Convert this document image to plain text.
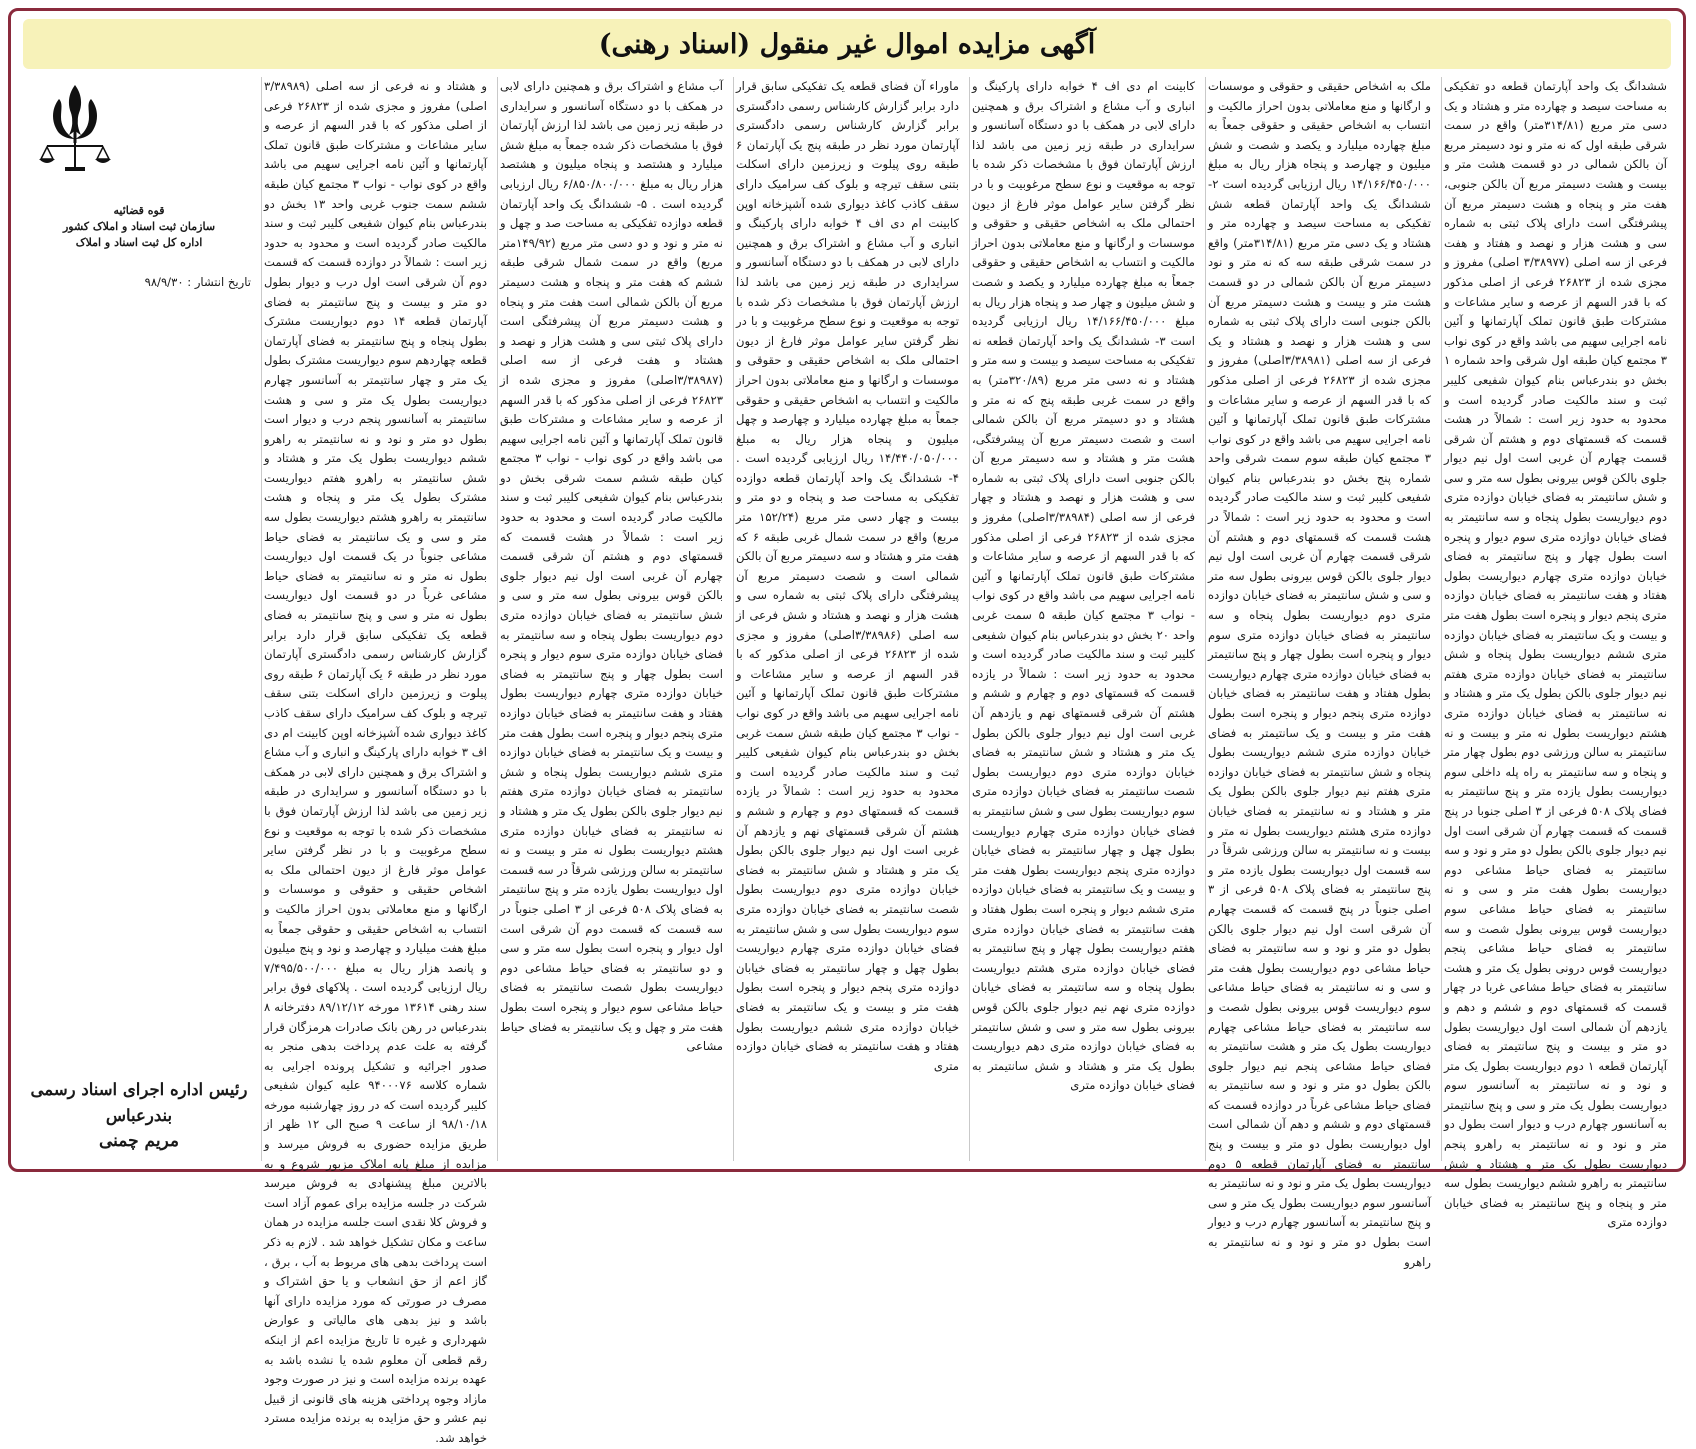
آگهی مزایده اموال غیر منقول (اسناد رهنی)

ششدانگ یک واحد آپارتمان قطعه دو تفکیکی به مساحت سیصد و چهارده متر و هشتاد و یک دسی متر مربع (۳۱۴/۸۱متر) واقع در سمت شرقی طبقه اول که نه متر و نود دسیمتر مربع آن بالکن شمالی در دو قسمت هشت متر و بیست و هشت دسیمتر مربع آن بالکن جنوبی، هفت متر و پنجاه و هشت دسیمتر مربع آن پیشرفتگی است دارای پلاک ثبتی به شماره سی و هشت هزار و نهصد و هفتاد و هفت فرعی از سه اصلی (۳/۳۸۹۷۷ اصلی) مفروز و مجزی شده از ۲۶۸۲۳ فرعی از اصلی مذکور که با قدر السهم از عرصه و سایر مشاعات و مشترکات طبق قانون تملک آپارتمانها و آئین نامه اجرایی سهیم می باشد واقع در کوی نواب ۳ مجتمع کیان طبقه اول شرقی واحد شماره ۱ بخش دو بندرعباس بنام کیوان شفیعی کلیبر ثبت و سند مالکیت صادر گردیده است و محدود به حدود زیر است : شمالاً در هشت قسمت که قسمتهای دوم و هشتم آن شرقی قسمت چهارم آن غربی است اول نیم دیوار جلوی بالکن قوس بیرونی بطول سه متر و سی و شش سانتیمتر به فضای خیابان دوازده متری دوم دیواریست بطول پنجاه و سه سانتیمتر به فضای خیابان دوازده متری سوم دیوار و پنجره است بطول چهار و پنج سانتیمتر به فضای خیابان دوازده متری چهارم دیواریست بطول هفتاد و هفت سانتیمتر به فضای خیابان دوازده متری پنجم دیوار و پنجره است بطول هفت متر و بیست و یک سانتیمتر به فضای خیابان دوازده متری ششم دیواریست بطول پنجاه و شش سانتیمتر به فضای خیابان دوازده متری هفتم نیم دیوار جلوی بالکن بطول یک متر و هشتاد و نه سانتیمتر به فضای خیابان دوازده متری هشتم دیواریست بطول نه متر و بیست و نه سانتیمتر به سالن ورزشی دوم بطول چهار متر و پنجاه و سه سانتیمتر به راه پله داخلی سوم دیواریست بطول یازده متر و پنج سانتیمتر به فضای پلاک ۵۰۸ فرعی از ۳ اصلی جنوبا در پنج قسمت که قسمت چهارم آن شرقی است اول نیم دیوار جلوی بالکن بطول دو متر و نود و سه سانتیمتر به فضای حیاط مشاعی دوم دیواریست بطول هفت متر و سی و نه سانتیمتر به فضای حیاط مشاعی سوم دیواریست قوس بیرونی بطول شصت و سه سانتیمتر به فضای حیاط مشاعی پنجم دیواریست قوس درونی بطول یک متر و هشت سانتیمتر به فضای حیاط مشاعی غربا در چهار قسمت که قسمتهای دوم و ششم و دهم و یازدهم آن شمالی است اول دیواریست بطول دو متر و بیست و پنج سانتیمتر به فضای آپارتمان قطعه ۱ دوم دیواریست بطول یک متر و نود و نه سانتیمتر به آسانسور سوم دیواریست بطول یک متر و سی و پنج سانتیمتر به آسانسور چهارم درب و دیوار است بطول دو متر و نود و نه سانتیمتر به راهرو پنجم دیواریست بطول یک متر و هشتاد و شش سانتیمتر به راهرو ششم دیواریست بطول سه متر و پنجاه و پنج سانتیمتر به فضای خیابان دوازده متری

ملک به اشخاص حقیقی و حقوقی و موسسات و ارگانها و منع معاملاتی بدون احراز مالکیت و انتساب به اشخاص حقیقی و حقوقی جمعاً به مبلغ چهارده میلیارد و یکصد و شصت و شش میلیون و چهارصد و پنجاه هزار ریال به مبلغ ۱۴/۱۶۶/۴۵۰/۰۰۰ ریال ارزیابی گردیده است ۲- ششدانگ یک واحد آپارتمان قطعه شش تفکیکی به مساحت سیصد و چهارده متر و هشتاد و یک دسی متر مربع (۳۱۴/۸۱متر) واقع در سمت شرقی طبقه سه که نه متر و نود دسیمتر مربع آن بالکن شمالی در دو قسمت هشت متر و بیست و هشت دسیمتر مربع آن بالکن جنوبی است دارای پلاک ثبتی به شماره سی و هشت هزار و نهصد و هشتاد و یک فرعی از سه اصلی (۳/۳۸۹۸۱اصلی) مفروز و مجزی شده از ۲۶۸۲۳ فرعی از اصلی مذکور که با قدر السهم از عرصه و سایر مشاعات و مشترکات طبق قانون تملک آپارتمانها و آئین نامه اجرایی سهیم می باشد واقع در کوی نواب ۳ مجتمع کیان طبقه سوم سمت شرقی واحد شماره پنج بخش دو بندرعباس بنام کیوان شفیعی کلیبر ثبت و سند مالکیت صادر گردیده است و محدود به حدود زیر است : شمالاً در هشت قسمت که قسمتهای دوم و هشتم آن شرقی قسمت چهارم آن غربی است اول نیم دیوار جلوی بالکن قوس بیرونی بطول سه متر و سی و شش سانتیمتر به فضای خیابان دوازده متری دوم دیواریست بطول پنجاه و سه سانتیمتر به فضای خیابان دوازده متری سوم دیوار و پنجره است بطول چهار و پنج سانتیمتر به فضای خیابان دوازده متری چهارم دیواریست بطول هفتاد و هفت سانتیمتر به فضای خیابان دوازده متری پنجم دیوار و پنجره است بطول هفت متر و بیست و یک سانتیمتر به فضای خیابان دوازده متری ششم دیواریست بطول پنجاه و شش سانتیمتر به فضای خیابان دوازده متری هفتم نیم دیوار جلوی بالکن بطول یک متر و هشتاد و نه سانتیمتر به فضای خیابان دوازده متری هشتم دیواریست بطول نه متر و بیست و نه سانتیمتر به سالن ورزشی شرقاً در سه قسمت اول دیواریست بطول یازده متر و پنج سانتیمتر به فضای پلاک ۵۰۸ فرعی از ۳ اصلی جنوباً در پنج قسمت که قسمت چهارم آن شرقی است اول نیم دیوار جلوی بالکن بطول دو متر و نود و سه سانتیمتر به فضای حیاط مشاعی دوم دیواریست بطول هفت متر و سی و نه سانتیمتر به فضای حیاط مشاعی سوم دیواریست قوس بیرونی بطول شصت و سه سانتیمتر به فضای حیاط مشاعی چهارم دیواریست بطول یک متر و هشت سانتیمتر به فضای حیاط مشاعی پنجم نیم دیوار جلوی بالکن بطول دو متر و نود و سه سانتیمتر به فضای حیاط مشاعی غرباً در دوازده قسمت که قسمتهای دوم و ششم و دهم آن شمالی است اول دیواریست بطول دو متر و بیست و پنج سانتیمتر به فضای آپارتمان قطعه ۵ دوم دیواریست بطول یک متر و نود و نه سانتیمتر به آسانسور سوم دیواریست بطول یک متر و سی و پنج سانتیمتر به آسانسور چهارم درب و دیوار است بطول دو متر و نود و نه سانتیمتر به راهرو

کابینت ام دی اف ۴ خوابه دارای پارکینگ و انباری و آب مشاع و اشتراک برق و همچنین دارای لابی در همکف با دو دستگاه آسانسور و سرایداری در طبقه زیر زمین می باشد لذا ارزش آپارتمان فوق با مشخصات ذکر شده با توجه به موقعیت و نوع سطح مرغوبیت و با در نظر گرفتن سایر عوامل موثر فارغ از دیون احتمالی ملک به اشخاص حقیقی و حقوقی و موسسات و ارگانها و منع معاملاتی بدون احراز مالکیت و انتساب به اشخاص حقیقی و حقوقی جمعاً به مبلغ چهارده میلیارد و یکصد و شصت و شش میلیون و چهار صد و پنجاه هزار ریال به مبلغ ۱۴/۱۶۶/۴۵۰/۰۰۰ ریال ارزیابی گردیده است ۳- ششدانگ یک واحد آپارتمان قطعه نه تفکیکی به مساحت سیصد و بیست و سه متر و هشتاد و نه دسی متر مربع (۳۲۰/۸۹متر) به واقع در سمت غربی طبقه پنج که نه متر و هشتاد و دو دسیمتر مربع آن بالکن شمالی است و شصت دسیمتر مربع آن پیشرفتگی، هشت متر و هشتاد و سه دسیمتر مربع آن بالکن جنوبی است دارای پلاک ثبتی به شماره سی و هشت هزار و نهصد و هشتاد و چهار فرعی از سه اصلی (۳/۳۸۹۸۴اصلی) مفروز و مجزی شده از ۲۶۸۲۳ فرعی از اصلی مذکور که با قدر السهم از عرصه و سایر مشاعات و مشترکات طبق قانون تملک آپارتمانها و آئین نامه اجرایی سهیم می باشد واقع در کوی نواب - نواب ۳ مجتمع کیان طبقه ۵ سمت غربی واحد ۲۰ بخش دو بندرعباس بنام کیوان شفیعی کلیبر ثبت و سند مالکیت صادر گردیده است و محدود به حدود زیر است : شمالاً در یازده قسمت که قسمتهای دوم و چهارم و ششم و هشتم آن شرقی قسمتهای نهم و یازدهم آن غربی است اول نیم دیوار جلوی بالکن بطول یک متر و هشتاد و شش سانتیمتر به فضای خیابان دوازده متری دوم دیواریست بطول شصت سانتیمتر به فضای خیابان دوازده متری سوم دیواریست بطول سی و شش سانتیمتر به فضای خیابان دوازده متری چهارم دیواریست بطول چهل و چهار سانتیمتر به فضای خیابان دوازده متری پنجم دیواریست بطول هفت متر و بیست و یک سانتیمتر به فضای خیابان دوازده متری ششم دیوار و پنجره است بطول هفتاد و هفت سانتیمتر به فضای خیابان دوازده متری هفتم دیواریست بطول چهار و پنج سانتیمتر به فضای خیابان دوازده متری هشتم دیواریست بطول پنجاه و سه سانتیمتر به فضای خیابان دوازده متری نهم نیم دیوار جلوی بالکن قوس بیرونی بطول سه متر و سی و شش سانتیمتر به فضای خیابان دوازده متری دهم دیواریست بطول یک متر و هشتاد و شش سانتیمتر به فضای خیابان دوازده متری

ماوراء آن فضای قطعه یک تفکیکی سابق قرار دارد برابر گزارش کارشناس رسمی دادگستری برابر گزارش کارشناس رسمی دادگستری آپارتمان مورد نظر در طبقه پنج یک آپارتمان ۶ طبقه روی پیلوت و زیرزمین دارای اسکلت بتنی سقف تیرچه و بلوک کف سرامیک دارای سقف کاذب کاغذ دیواری شده آشپزخانه اوپن کابینت ام دی اف ۴ خوابه دارای پارکینگ و انباری و آب مشاع و اشتراک برق و همچنین دارای لابی در همکف با دو دستگاه آسانسور و سرایداری در طبقه زیر زمین می باشد لذا ارزش آپارتمان فوق با مشخصات ذکر شده با توجه به موقعیت و نوع سطح مرغوبیت و با در نظر گرفتن سایر عوامل موثر فارغ از دیون احتمالی ملک به اشخاص حقیقی و حقوقی و موسسات و ارگانها و منع معاملاتی بدون احراز مالکیت و انتساب به اشخاص حقیقی و حقوقی جمعاً به مبلغ چهارده میلیارد و چهارصد و چهل میلیون و پنجاه هزار ریال به مبلغ ۱۴/۴۴۰/۰۵۰/۰۰۰ ریال ارزیابی گردیده است . ۴- ششدانگ یک واحد آپارتمان قطعه دوازده تفکیکی به مساحت صد و پنجاه و دو متر و بیست و چهار دسی متر مربع (۱۵۲/۲۴ متر مربع) واقع در سمت شمال غربی طبقه ۶ که هفت متر و هشتاد و سه دسیمتر مربع آن بالکن شمالی است و شصت دسیمتر مربع آن پیشرفتگی دارای پلاک ثبتی به شماره سی و هشت هزار و نهصد و هشتاد و شش فرعی از سه اصلی (۳/۳۸۹۸۶اصلی) مفروز و مجزی شده از ۲۶۸۲۳ فرعی از اصلی مذکور که با قدر السهم از عرصه و سایر مشاعات و مشترکات طبق قانون تملک آپارتمانها و آئین نامه اجرایی سهیم می باشد واقع در کوی نواب - نواب ۳ مجتمع کیان طبقه شش سمت غربی بخش دو بندرعباس بنام کیوان شفیعی کلیبر ثبت و سند مالکیت صادر گردیده است و محدود به حدود زیر است : شمالاً در یازده قسمت که قسمتهای دوم و چهارم و ششم و هشتم آن شرقی قسمتهای نهم و یازدهم آن غربی است اول نیم دیوار جلوی بالکن بطول یک متر و هشتاد و شش سانتیمتر به فضای خیابان دوازده متری دوم دیواریست بطول شصت سانتیمتر به فضای خیابان دوازده متری سوم دیواریست بطول سی و شش سانتیمتر به فضای خیابان دوازده متری چهارم دیواریست بطول چهل و چهار سانتیمتر به فضای خیابان دوازده متری پنجم دیوار و پنجره است بطول هفت متر و بیست و یک سانتیمتر به فضای خیابان دوازده متری ششم دیواریست بطول هفتاد و هفت سانتیمتر به فضای خیابان دوازده متری

آب مشاع و اشتراک برق و همچنین دارای لابی در همکف با دو دستگاه آسانسور و سرایداری در طبقه زیر زمین می باشد لذا ارزش آپارتمان فوق با مشخصات ذکر شده جمعاً به مبلغ شش میلیارد و هشتصد و پنجاه میلیون و هشتصد هزار ریال به مبلغ ۶/۸۵۰/۸۰۰/۰۰۰ ریال ارزیابی گردیده است . ۵- ششدانگ یک واحد آپارتمان قطعه دوازده تفکیکی به مساحت صد و چهل و نه متر و نود و دو دسی متر مربع (۱۴۹/۹۲متر مربع) واقع در سمت شمال شرقی طبقه ششم که هفت متر و پنجاه و هشت دسیمتر مربع آن بالکن شمالی است هفت متر و پنجاه و هشت دسیمتر مربع آن پیشرفتگی است دارای پلاک ثبتی سی و هشت هزار و نهصد و هشتاد و هفت فرعی از سه اصلی (۳/۳۸۹۸۷اصلی) مفروز و مجزی شده از ۲۶۸۲۳ فرعی از اصلی مذکور که با قدر السهم از عرصه و سایر مشاعات و مشترکات طبق قانون تملک آپارتمانها و آئین نامه اجرایی سهیم می باشد واقع در کوی نواب - نواب ۳ مجتمع کیان طبقه ششم سمت شرقی بخش دو بندرعباس بنام کیوان شفیعی کلیبر ثبت و سند مالکیت صادر گردیده است و محدود به حدود زیر است : شمالاً در هشت قسمت که قسمتهای دوم و هشتم آن شرقی قسمت چهارم آن غربی است اول نیم دیوار جلوی بالکن قوس بیرونی بطول سه متر و سی و شش سانتیمتر به فضای خیابان دوازده متری دوم دیواریست بطول پنجاه و سه سانتیمتر به فضای خیابان دوازده متری سوم دیوار و پنجره است بطول چهار و پنج سانتیمتر به فضای خیابان دوازده متری چهارم دیواریست بطول هفتاد و هفت سانتیمتر به فضای خیابان دوازده متری پنجم دیوار و پنجره است بطول هفت متر و بیست و یک سانتیمتر به فضای خیابان دوازده متری ششم دیواریست بطول پنجاه و شش سانتیمتر به فضای خیابان دوازده متری هفتم نیم دیوار جلوی بالکن بطول یک متر و هشتاد و نه سانتیمتر به فضای خیابان دوازده متری هشتم دیواریست بطول نه متر و بیست و نه سانتیمتر به سالن ورزشی شرقاً در سه قسمت اول دیواریست بطول یازده متر و پنج سانتیمتر به فضای پلاک ۵۰۸ فرعی از ۳ اصلی جنوباً در سه قسمت که قسمت دوم آن شرقی است اول دیوار و پنجره است بطول سه متر و سی و دو سانتیمتر به فضای حیاط مشاعی دوم دیواریست بطول شصت سانتیمتر به فضای حیاط مشاعی سوم دیوار و پنجره است بطول هفت متر و چهل و یک سانتیمتر به فضای حیاط مشاعی

و هشتاد و نه فرعی از سه اصلی (۳/۳۸۹۸۹ اصلی) مفروز و مجزی شده از ۲۶۸۲۳ فرعی از اصلی مذکور که با قدر السهم از عرصه و سایر مشاعات و مشترکات طبق قانون تملک آپارتمانها و آئین نامه اجرایی سهیم می باشد واقع در کوی نواب - نواب ۳ مجتمع کیان طبقه ششم سمت جنوب غربی واحد ۱۳ بخش دو بندرعباس بنام کیوان شفیعی کلیبر ثبت و سند مالکیت صادر گردیده است و محدود به حدود زیر است : شمالاً در دوازده قسمت که قسمت دوم آن شرقی است اول درب و دیوار بطول دو متر و بیست و پنج سانتیمتر به فضای آپارتمان قطعه ۱۴ دوم دیواریست مشترک بطول پنجاه و پنج سانتیمتر به فضای آپارتمان قطعه چهاردهم سوم دیواریست مشترک بطول یک متر و چهار سانتیمتر به آسانسور چهارم دیواریست بطول یک متر و سی و هشت سانتیمتر به آسانسور پنجم درب و دیوار است بطول دو متر و نود و نه سانتیمتر به راهرو ششم دیواریست بطول یک متر و هشتاد و شش سانتیمتر به راهرو هفتم دیواریست مشترک بطول یک متر و پنجاه و هشت سانتیمتر به راهرو هشتم دیواریست بطول سه متر و سی و یک سانتیمتر به فضای حیاط مشاعی جنوباً در یک قسمت اول دیواریست بطول نه متر و نه سانتیمتر به فضای حیاط مشاعی غرباً در دو قسمت اول دیواریست بطول نه متر و سی و پنج سانتیمتر به فضای قطعه یک تفکیکی سابق قرار دارد برابر گزارش کارشناس رسمی دادگستری آپارتمان مورد نظر در طبقه ۶ یک آپارتمان ۶ طبقه روی پیلوت و زیرزمین دارای اسکلت بتنی سقف تیرچه و بلوک کف سرامیک دارای سقف کاذب کاغذ دیواری شده آشپزخانه اوپن کابینت ام دی اف ۳ خوابه دارای پارکینگ و انباری و آب مشاع و اشتراک برق و همچنین دارای لابی در همکف با دو دستگاه آسانسور و سرایداری در طبقه زیر زمین می باشد لذا ارزش آپارتمان فوق با مشخصات ذکر شده با توجه به موقعیت و نوع سطح مرغوبیت و با در نظر گرفتن سایر عوامل موثر فارغ از دیون احتمالی ملک به اشخاص حقیقی و حقوقی و موسسات و ارگانها و منع معاملاتی بدون احراز مالکیت و انتساب به اشخاص حقیقی و حقوقی جمعاً به مبلغ هفت میلیارد و چهارصد و نود و پنج میلیون و پانصد هزار ریال به مبلغ ۷/۴۹۵/۵۰۰/۰۰۰ ریال ارزیابی گردیده است . پلاکهای فوق برابر سند رهنی ۱۳۶۱۴ مورخه ۸۹/۱۲/۱۲ دفترخانه ۸ بندرعباس در رهن بانک صادرات هرمزگان قرار گرفته به علت عدم پرداخت بدهی منجر به صدور اجرائیه و تشکیل پرونده اجرایی به شماره کلاسه ۹۴۰۰۰۷۶ علیه کیوان شفیعی کلیبر گردیده است که در روز چهارشنبه مورخه ۹۸/۱۰/۱۸ از ساعت ۹ صبح الی ۱۲ ظهر از طریق مزایده حضوری به فروش میرسد و مزایده از مبلغ پایه املاک مزبور شروع و به بالاترین مبلغ پیشنهادی به فروش میرسد شرکت در جلسه مزایده برای عموم آزاد است و فروش کلا نقدی است جلسه مزایده در همان ساعت و مکان تشکیل خواهد شد . لازم به ذکر است پرداخت بدهی های مربوط به آب ، برق ، گاز اعم از حق انشعاب و یا حق اشتراک و مصرف در صورتی که مورد مزایده دارای آنها باشد و نیز بدهی های مالیاتی و عوارض شهرداری و غیره تا تاریخ مزایده اعم از اینکه رقم قطعی آن معلوم شده یا نشده باشد به عهده برنده مزایده است و نیز در صورت وجود مازاد وجوه پرداختی هزینه های قانونی از قبیل نیم عشر و حق مزایده به برنده مزایده مسترد خواهد شد.

قوه قضائیه
سازمان ثبت اسناد و املاک کشور
اداره کل ثبت اسناد و املاک

تاریخ انتشار : ۹۸/۹/۳۰

رئیس اداره اجرای اسناد رسمی بندرعباس
مریم چمنی
